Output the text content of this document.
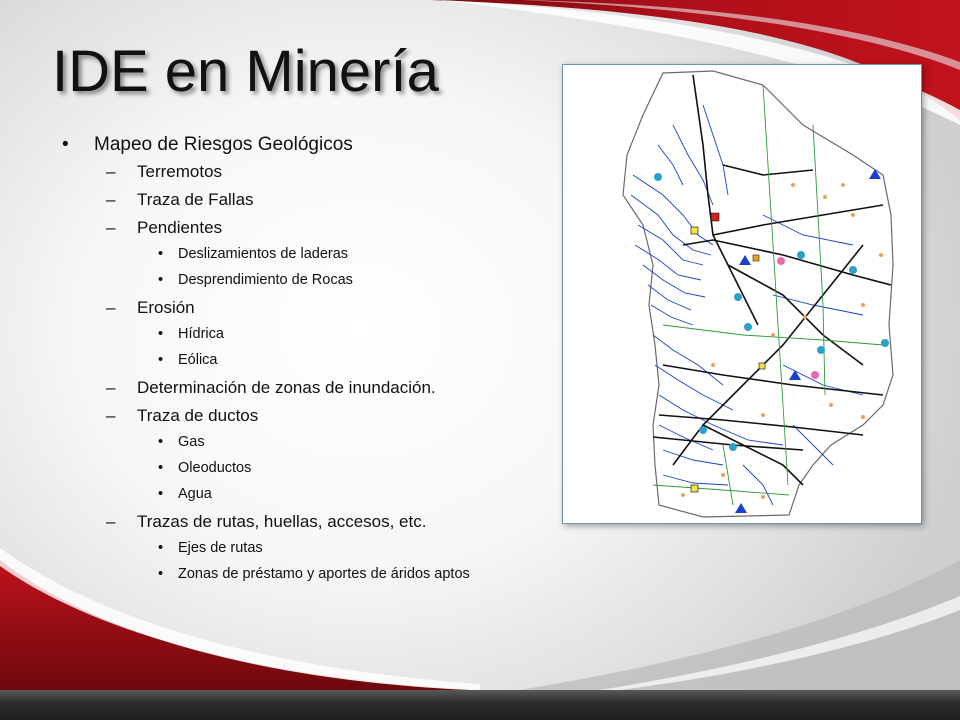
IDE en Minería
• Mapeo de Riesgos Geológicos
– Terremotos
– Traza de Fallas
– Pendientes
• Deslizamientos de laderas
• Desprendimiento de Rocas
– Erosión
• Hídrica
• Eólica
– Determinación de zonas de inundación.
– Traza de ductos
• Gas
• Oleoductos
• Agua
– Trazas de rutas, huellas, accesos, etc.
• Ejes de rutas
• Zonas de préstamo y aportes de áridos aptos
